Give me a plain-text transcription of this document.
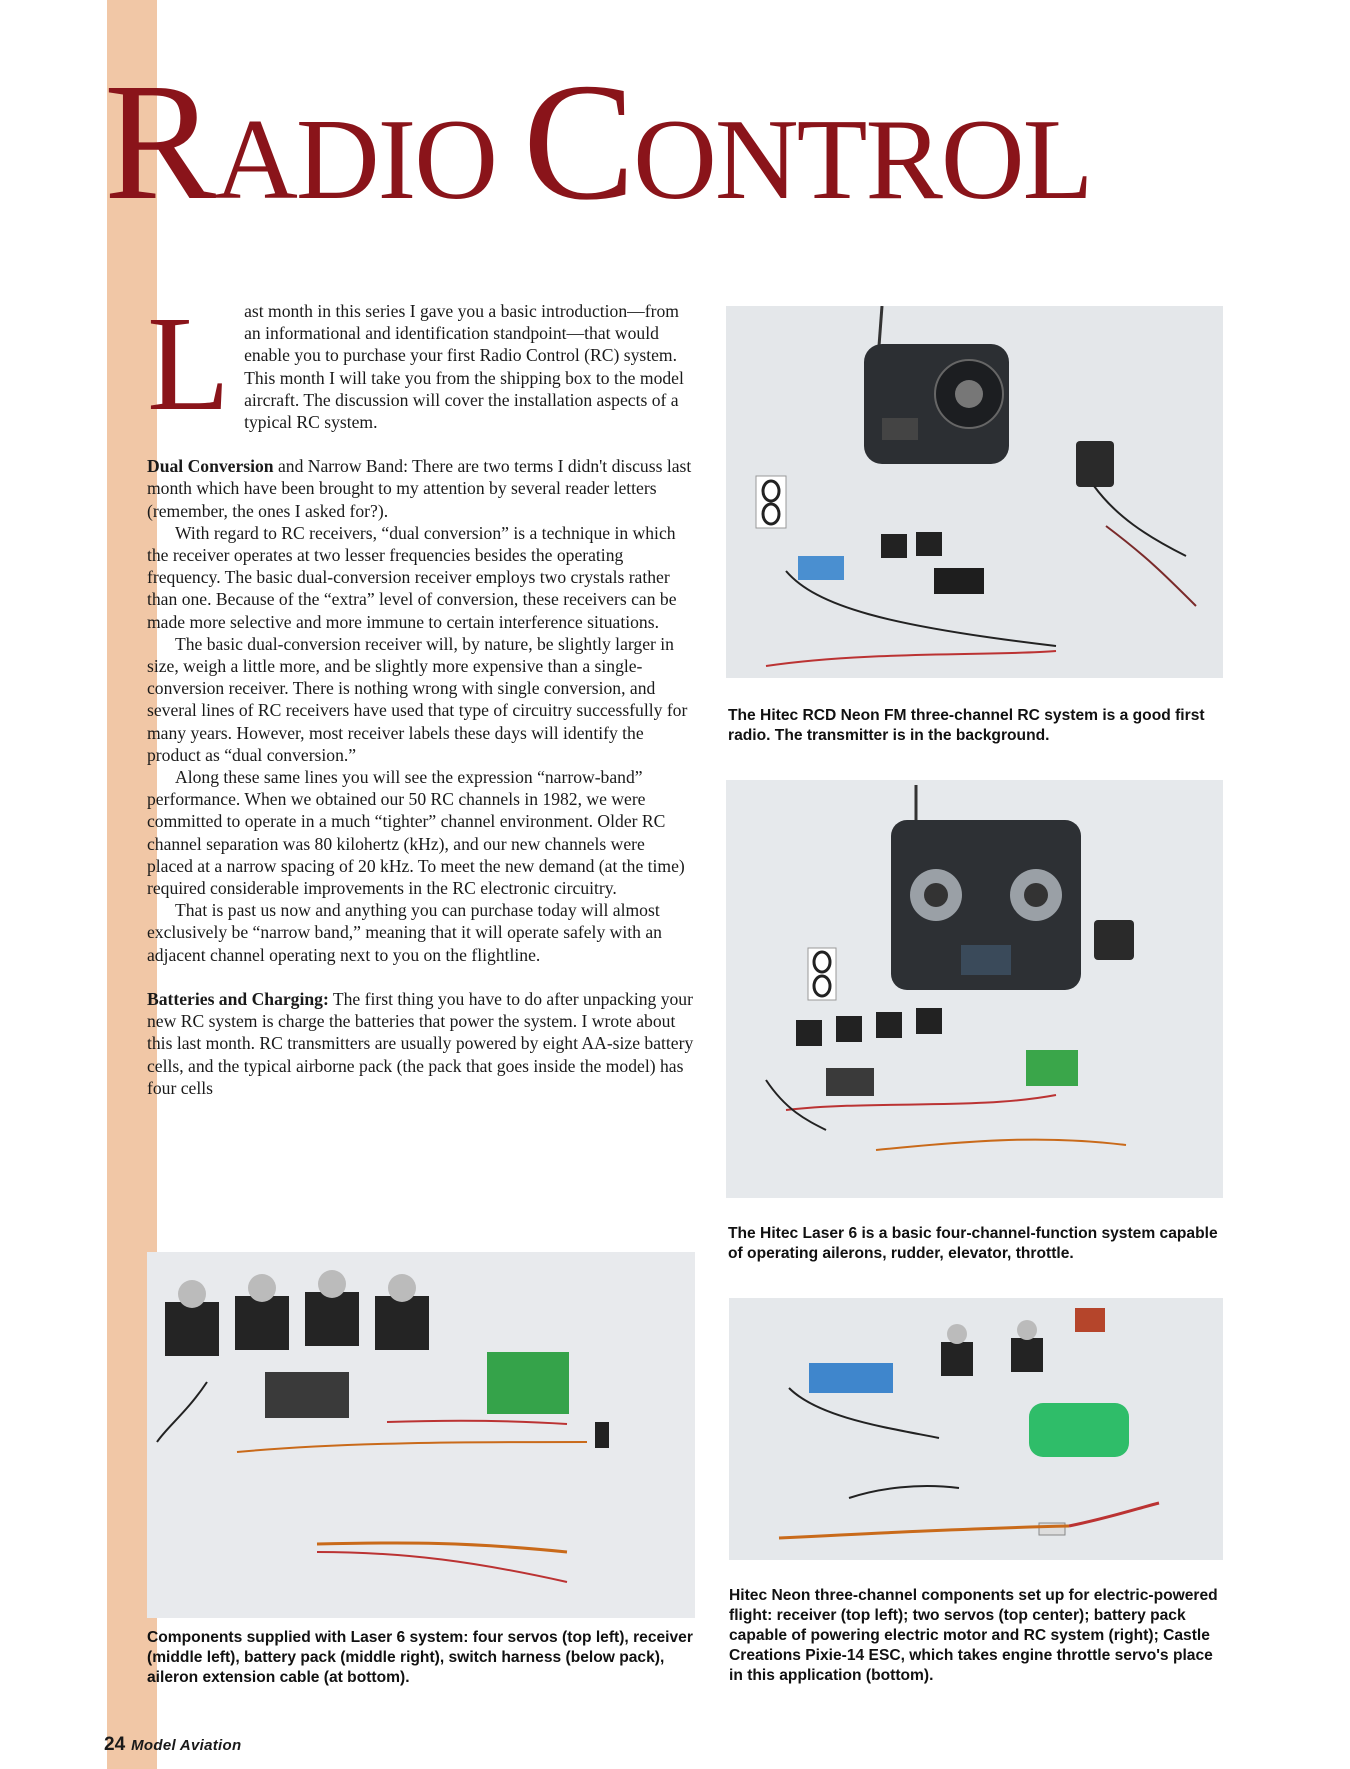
RADIO CONTROL

Last month in this series I gave you a basic introduction—from an informational and identification standpoint—that would enable you to purchase your first Radio Control (RC) system. This month I will take you from the shipping box to the model aircraft. The discussion will cover the installation aspects of a typical RC system.

Dual Conversion and Narrow Band: There are two terms I didn't discuss last month which have been brought to my attention by several reader letters (remember, the ones I asked for?).

With regard to RC receivers, “dual conversion” is a technique in which the receiver operates at two lesser frequencies besides the operating frequency. The basic dual-conversion receiver employs two crystals rather than one. Because of the “extra” level of conversion, these receivers can be made more selective and more immune to certain interference situations.

The basic dual-conversion receiver will, by nature, be slightly larger in size, weigh a little more, and be slightly more expensive than a single-conversion receiver. There is nothing wrong with single conversion, and several lines of RC receivers have used that type of circuitry successfully for many years. However, most receiver labels these days will identify the product as “dual conversion.”

Along these same lines you will see the expression “narrow-band” performance. When we obtained our 50 RC channels in 1982, we were committed to operate in a much “tighter” channel environment. Older RC channel separation was 80 kilohertz (kHz), and our new channels were placed at a narrow spacing of 20 kHz. To meet the new demand (at the time) required considerable improvements in the RC electronic circuitry.

That is past us now and anything you can purchase today will almost exclusively be “narrow band,” meaning that it will operate safely with an adjacent channel operating next to you on the flightline.

Batteries and Charging: The first thing you have to do after unpacking your new RC system is charge the batteries that power the system. I wrote about this last month. RC transmitters are usually powered by eight AA-size battery cells, and the typical airborne pack (the pack that goes inside the model) has four cells

The Hitec RCD Neon FM three-channel RC system is a good first radio. The transmitter is in the background.

The Hitec Laser 6 is a basic four-channel-function system capable of operating ailerons, rudder, elevator, throttle.

Components supplied with Laser 6 system: four servos (top left), receiver (middle left), battery pack (middle right), switch harness (below pack), aileron extension cable (at bottom).

Hitec Neon three-channel components set up for electric-powered flight: receiver (top left); two servos (top center); battery pack capable of powering electric motor and RC system (right); Castle Creations Pixie-14 ESC, which takes engine throttle servo's place in this application (bottom).

24 Model Aviation
